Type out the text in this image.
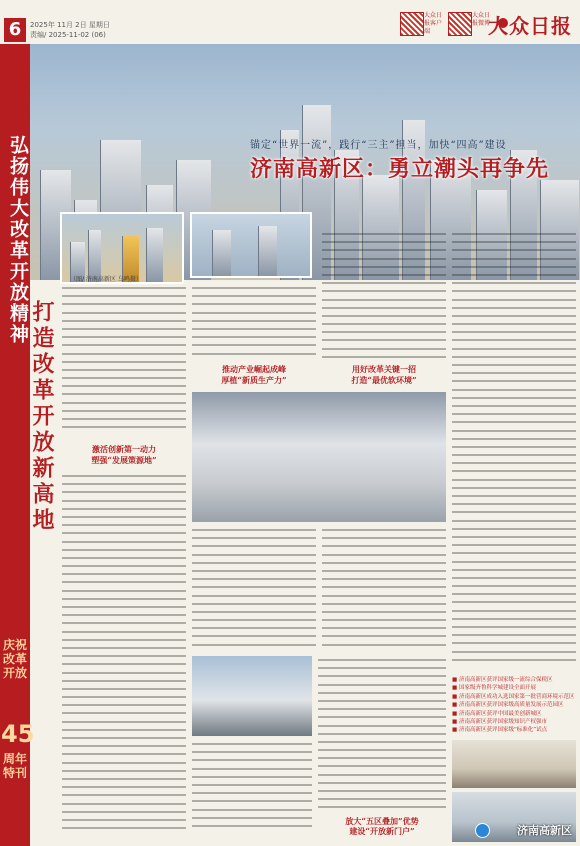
6	2025年 11月 2日 星期日
责编/ 2025-11-02 (06)
大众日报客户端
大众日报微博
大众日报
弘扬伟大改革开放精神
庆祝改革开放
45
周年特刊
打造改革开放新高地
锚定“世界一流”，践行“三主”担当，加快“四高”建设
济南高新区：勇立潮头再争先
（图/ 济南高新区 乌鸣摄）
激活创新第一动力
塑强“发展策源地”
推动产业崛起成峰
厚植“新质生产力”
用好改革关键一招
打造“最优软环境”
放大“五区叠加”优势
建设“开放新门户”
■ 济南高新区获评国家级一流综合保税区
■ 国家级齐鲁科学城建设全面开展
■ 济南高新区成功入选国家第一批营商环境示范区
■ 济南高新区获评国家级高质量发展示范园区
■ 济南高新区获评中国最美创新城区
■ 济南高新区获评国家级知识产权强市
■ 济南高新区获评国家级“标准化”试点
济南高新区
